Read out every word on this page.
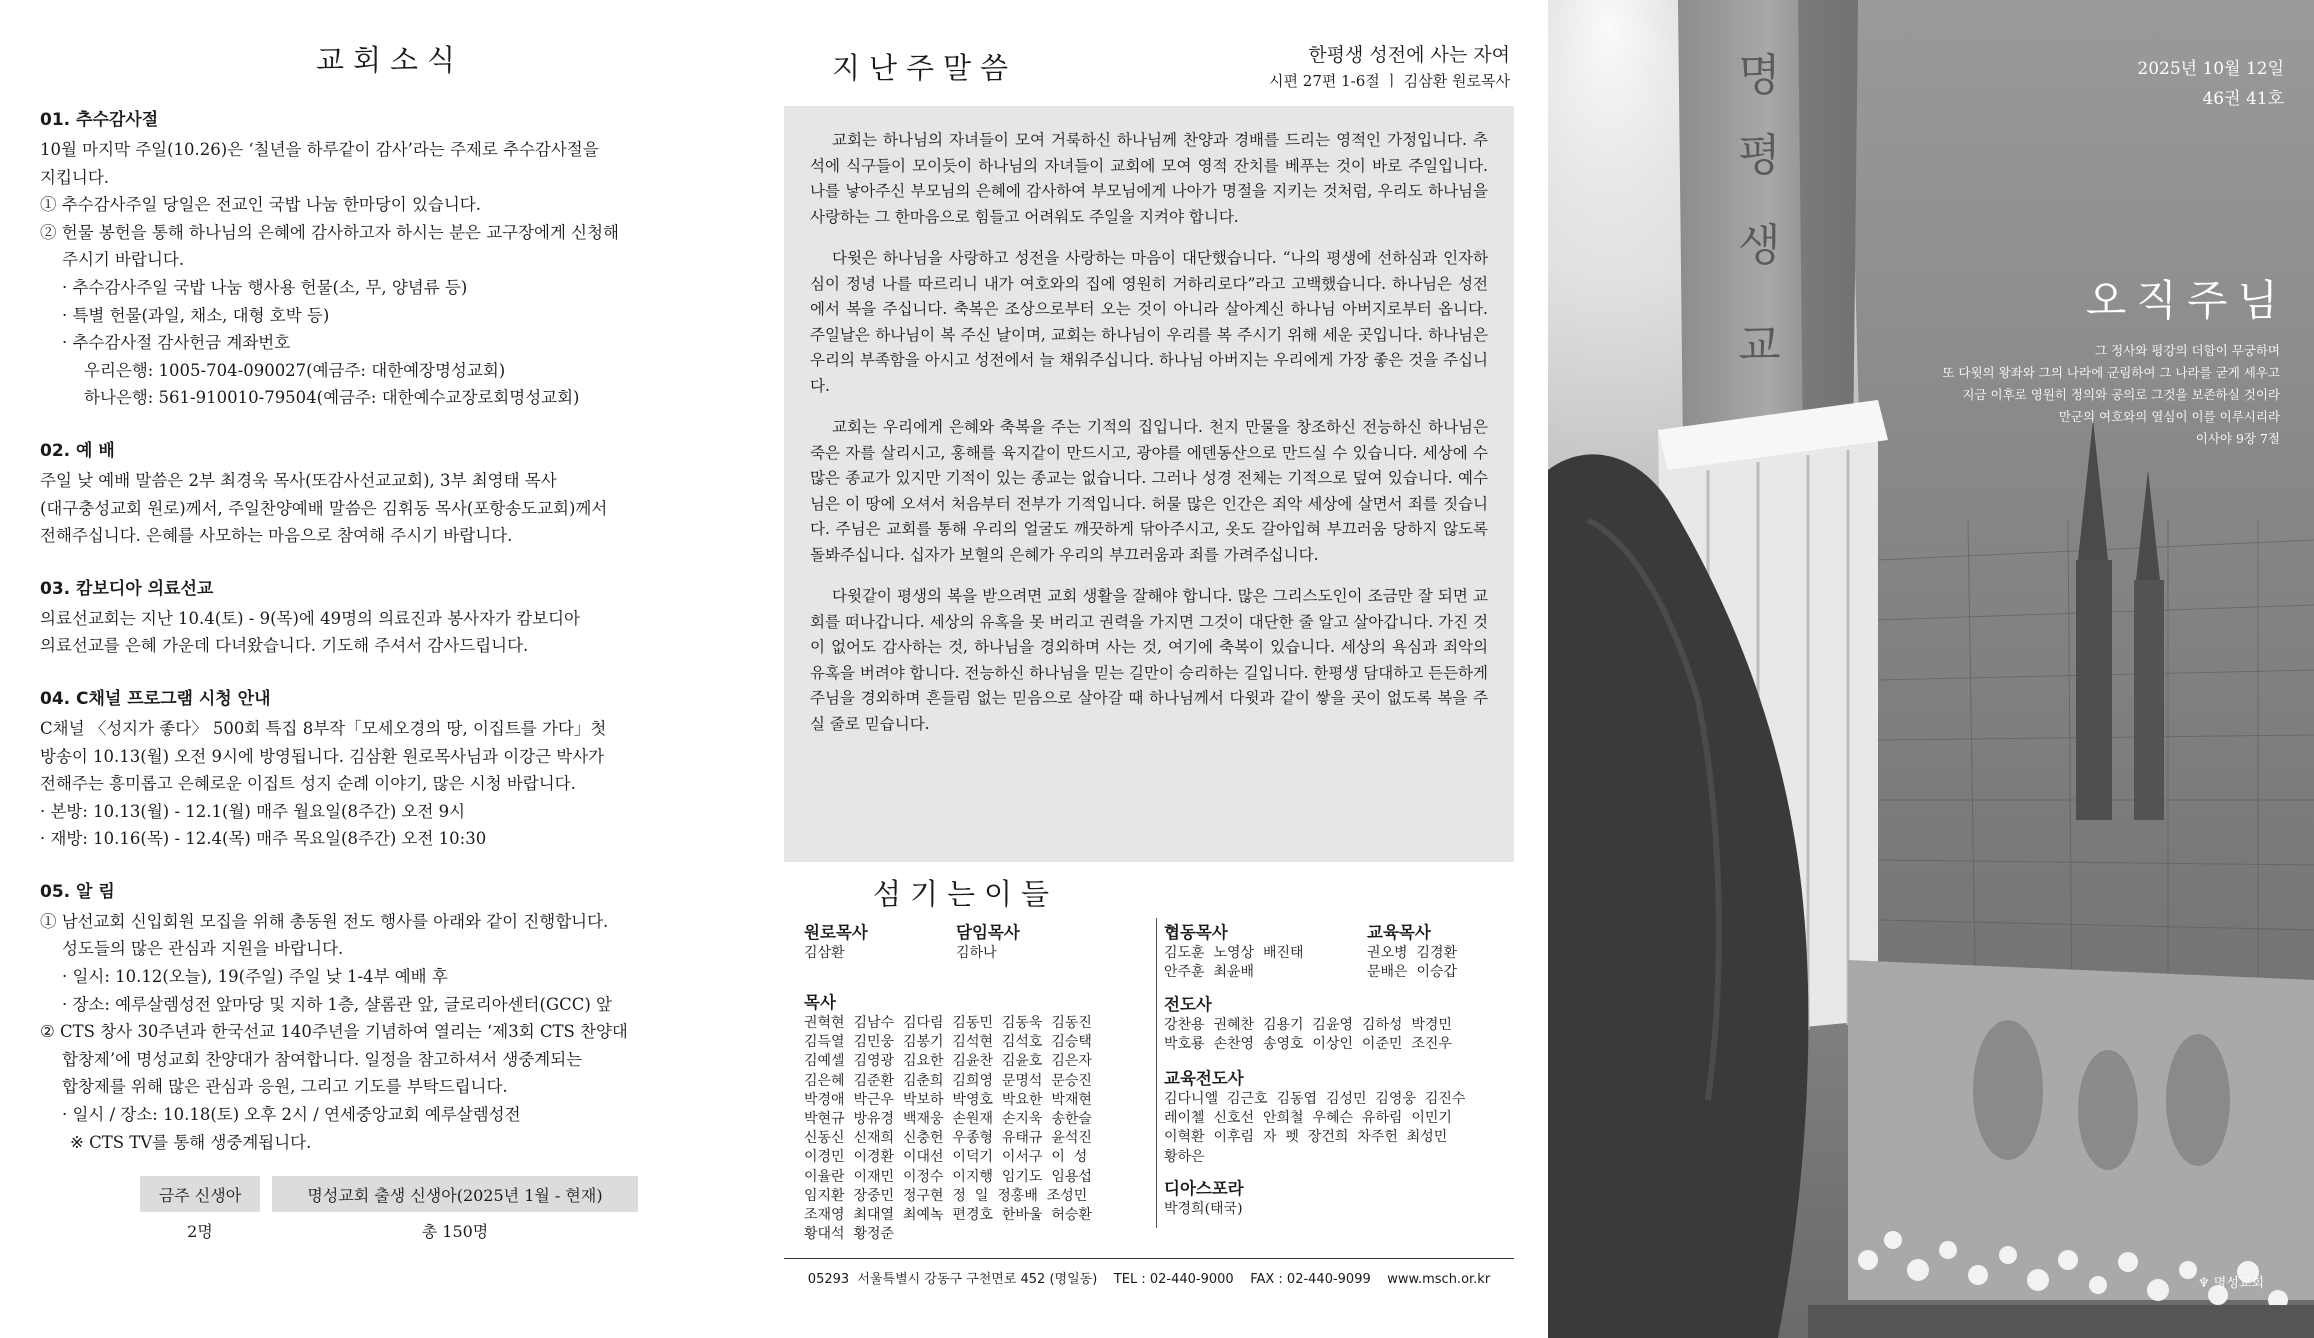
교회소식
01. 추수감사절
10월 마지막 주일(10.26)은 ‘칠년을 하루같이 감사’라는 주제로 추수감사절을
지킵니다.
① 추수감사주일 당일은 전교인 국밥 나눔 한마당이 있습니다.
② 헌물 봉헌을 통해 하나님의 은혜에 감사하고자 하시는 분은 교구장에게 신청해
주시기 바랍니다.
· 추수감사주일 국밥 나눔 행사용 헌물(소, 무, 양념류 등)
· 특별 헌물(과일, 채소, 대형 호박 등)
· 추수감사절 감사헌금 계좌번호
우리은행: 1005-704-090027(예금주: 대한예장명성교회)
하나은행: 561-910010-79504(예금주: 대한예수교장로회명성교회)
02. 예 배
주일 낮 예배 말씀은 2부 최경욱 목사(또감사선교교회), 3부 최영태 목사
(대구충성교회 원로)께서, 주일찬양예배 말씀은 김휘동 목사(포항송도교회)께서
전해주십니다. 은혜를 사모하는 마음으로 참여해 주시기 바랍니다.
03. 캄보디아 의료선교
의료선교회는 지난 10.4(토) - 9(목)에 49명의 의료진과 봉사자가 캄보디아
의료선교를 은혜 가운데 다녀왔습니다. 기도해 주셔서 감사드립니다.
04. C채널 프로그램 시청 안내
C채널 〈성지가 좋다〉 500회 특집 8부작「모세오경의 땅, 이집트를 가다」첫
방송이 10.13(월) 오전 9시에 방영됩니다. 김삼환 원로목사님과 이강근 박사가
전해주는 흥미롭고 은혜로운 이집트 성지 순례 이야기, 많은 시청 바랍니다.
· 본방: 10.13(월) - 12.1(월) 매주 월요일(8주간) 오전 9시
· 재방: 10.16(목) - 12.4(목) 매주 목요일(8주간) 오전 10:30
05. 알 림
① 남선교회 신입회원 모집을 위해 총동원 전도 행사를 아래와 같이 진행합니다.
성도들의 많은 관심과 지원을 바랍니다.
· 일시: 10.12(오늘), 19(주일) 주일 낮 1-4부 예배 후
· 장소: 예루살렘성전 앞마당 및 지하 1층, 샬롬관 앞, 글로리아센터(GCC) 앞
② CTS 창사 30주년과 한국선교 140주년을 기념하여 열리는 ‘제3회 CTS 찬양대
합창제’에 명성교회 찬양대가 참여합니다. 일정을 참고하셔서 생중계되는
합창제를 위해 많은 관심과 응원, 그리고 기도를 부탁드립니다.
· 일시 / 장소: 10.18(토) 오후 2시 / 연세중앙교회 예루살렘성전
※ CTS TV를 통해 생중계됩니다.
금주 신생아		명성교회 출생 신생아(2025년 1월 - 현재)
2명		총 150명
지난주말씀	한평생 성전에 사는 자여
시편 27편 1-6절 ㅣ 김삼환 원로목사

교회는 하나님의 자녀들이 모여 거룩하신 하나님께 찬양과 경배를 드리는 영적인 가정입니다. 추석에 식구들이 모이듯이 하나님의 자녀들이 교회에 모여 영적 잔치를 베푸는 것이 바로 주일입니다. 나를 낳아주신 부모님의 은혜에 감사하여 부모님에게 나아가 명절을 지키는 것처럼, 우리도 하나님을 사랑하는 그 한마음으로 힘들고 어려워도 주일을 지켜야 합니다.

다윗은 하나님을 사랑하고 성전을 사랑하는 마음이 대단했습니다. “나의 평생에 선하심과 인자하심이 정녕 나를 따르리니 내가 여호와의 집에 영원히 거하리로다”라고 고백했습니다. 하나님은 성전에서 복을 주십니다. 축복은 조상으로부터 오는 것이 아니라 살아계신 하나님 아버지로부터 옵니다. 주일날은 하나님이 복 주신 날이며, 교회는 하나님이 우리를 복 주시기 위해 세운 곳입니다. 하나님은 우리의 부족함을 아시고 성전에서 늘 채워주십니다. 하나님 아버지는 우리에게 가장 좋은 것을 주십니다.

교회는 우리에게 은혜와 축복을 주는 기적의 집입니다. 천지 만물을 창조하신 전능하신 하나님은 죽은 자를 살리시고, 홍해를 육지같이 만드시고, 광야를 에덴동산으로 만드실 수 있습니다. 세상에 수많은 종교가 있지만 기적이 있는 종교는 없습니다. 그러나 성경 전체는 기적으로 덮여 있습니다. 예수님은 이 땅에 오셔서 처음부터 전부가 기적입니다. 허물 많은 인간은 죄악 세상에 살면서 죄를 짓습니다. 주님은 교회를 통해 우리의 얼굴도 깨끗하게 닦아주시고, 옷도 갈아입혀 부끄러움 당하지 않도록 돌봐주십니다. 십자가 보혈의 은혜가 우리의 부끄러움과 죄를 가려주십니다.

다윗같이 평생의 복을 받으려면 교회 생활을 잘해야 합니다. 많은 그리스도인이 조금만 잘 되면 교회를 떠나갑니다. 세상의 유혹을 못 버리고 권력을 가지면 그것이 대단한 줄 알고 살아갑니다. 가진 것이 없어도 감사하는 것, 하나님을 경외하며 사는 것, 여기에 축복이 있습니다. 세상의 욕심과 죄악의 유혹을 버려야 합니다. 전능하신 하나님을 믿는 길만이 승리하는 길입니다. 한평생 담대하고 든든하게 주님을 경외하며 흔들림 없는 믿음으로 살아갈 때 하나님께서 다윗과 같이 쌓을 곳이 없도록 복을 주실 줄로 믿습니다.

섬기는이들
원로목사
김삼환
담임목사
김하나
목사
권혁현  김남수  김다림  김동민  김동욱  김동진
김득열  김민웅  김봉기  김석현  김석호  김승택
김예셀  김영광  김요한  김윤찬  김윤호  김은자
김은혜  김준환  김춘희  김희영  문명석  문승진
박경애  박근우  박보하  박영호  박요한  박재현
박현규  방유경  백재웅  손원재  손지욱  송한슬
신동신  신재희  신충헌  우종형  유태규  윤석진
이경민  이경환  이대선  이덕기  이서구  이  성
이율란  이재민  이정수  이지행  임기도  임용섭
임지환  장중민  정구현  정  일  정홍배  조성민
조재영  최대열  최예녹  편경호  한바울  허승환
황대석  황정준
협동목사
김도훈  노영상  배진태
안주훈  최윤배
교육목사
권오병  김경환
문배은  이승갑
전도사
강찬용  권혜찬  김용기  김윤영  김하성  박경민
박호룡  손찬영  송영호  이상인  이준민  조진우
교육전도사
김다니엘  김근호  김동엽  김성민  김영웅  김진수
레이첼  신호선  안희철  우혜슨  유하림  이민기
이혁환  이후림  자  펫  장건희  차주헌  최성민
황하은
디아스포라
박경희(태국)
05293  서울특별시 강동구 구천면로 452 (명일동)    TEL : 02-440-9000    FAX : 02-440-9099    www.msch.or.kr
명
평
생
교
2025년 10월 12일
46권 41호
오직주님
그 정사와 평강의 더함이 무궁하며
또 다윗의 왕좌와 그의 나라에 군림하여 그 나라를 굳게 세우고
지금 이후로 영원히 정의와 공의로 그것을 보존하실 것이라
만군의 여호와의 열심이 이를 이루시리라
이사야 9장 7절
♆ 명성교회
